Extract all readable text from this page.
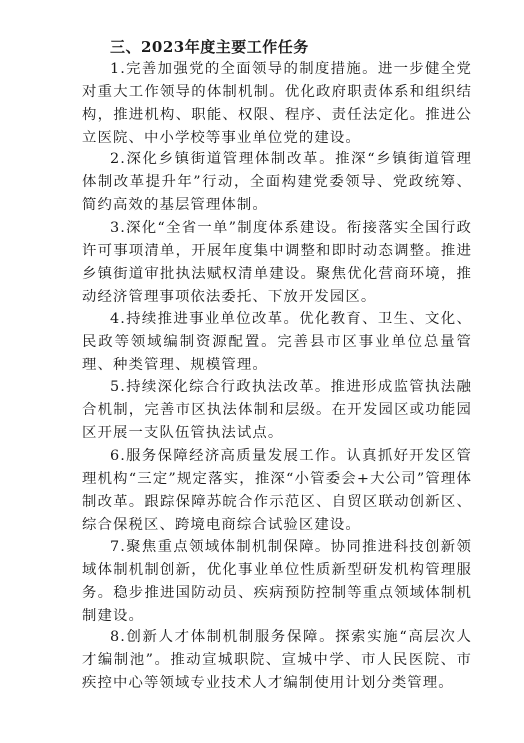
三、2023年度主要工作任务

1.完善加强党的全面领导的制度措施。进一步健全党对重大工作领导的体制机制。优化政府职责体系和组织结构，推进机构、职能、权限、程序、责任法定化。推进公立医院、中小学校等事业单位党的建设。

2.深化乡镇街道管理体制改革。推深“乡镇街道管理体制改革提升年”行动，全面构建党委领导、党政统筹、简约高效的基层管理体制。

3.深化“全省一单”制度体系建设。衔接落实全国行政许可事项清单，开展年度集中调整和即时动态调整。推进乡镇街道审批执法赋权清单建设。聚焦优化营商环境，推动经济管理事项依法委托、下放开发园区。

4.持续推进事业单位改革。优化教育、卫生、文化、民政等领域编制资源配置。完善县市区事业单位总量管理、种类管理、规模管理。

5.持续深化综合行政执法改革。推进形成监管执法融合机制，完善市区执法体制和层级。在开发园区或功能园区开展一支队伍管执法试点。

6.服务保障经济高质量发展工作。认真抓好开发区管理机构“三定”规定落实，推深“小管委会+大公司”管理体制改革。跟踪保障苏皖合作示范区、自贸区联动创新区、综合保税区、跨境电商综合试验区建设。

7.聚焦重点领域体制机制保障。协同推进科技创新领域体制机制创新，优化事业单位性质新型研发机构管理服务。稳步推进国防动员、疾病预防控制等重点领域体制机制建设。

8.创新人才体制机制服务保障。探索实施“高层次人才编制池”。推动宣城职院、宣城中学、市人民医院、市疾控中心等领域专业技术人才编制使用计划分类管理。
